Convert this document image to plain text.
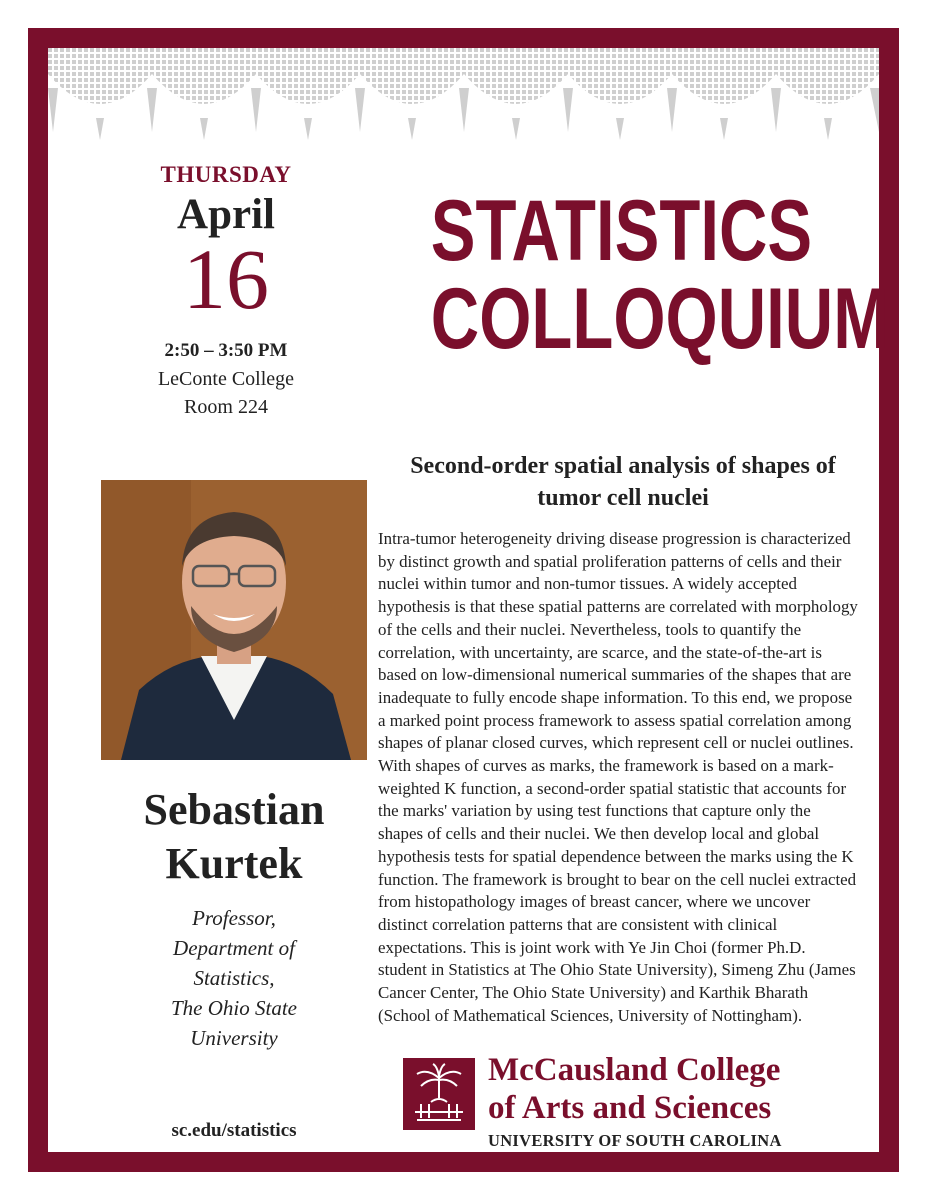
THURSDAY
April
16
2:50 – 3:50 PM
LeConte College
Room 224
STATISTICS
COLLOQUIUM
Second-order spatial analysis of shapes of tumor cell nuclei
Intra-tumor heterogeneity driving disease progression is characterized by distinct growth and spatial proliferation patterns of cells and their nuclei within tumor and non-tumor tissues. A widely accepted hypothesis is that these spatial patterns are correlated with morphology of the cells and their nuclei. Nevertheless, tools to quantify the correlation, with uncertainty, are scarce, and the state-of-the-art is based on low-dimensional numerical summaries of the shapes that are inadequate to fully encode shape information. To this end, we propose a marked point process framework to assess spatial correlation among shapes of planar closed curves, which represent cell or nuclei outlines. With shapes of curves as marks, the framework is based on a mark-weighted K function, a second-order spatial statistic that accounts for the marks' variation by using test functions that capture only the shapes of cells and their nuclei. We then develop local and global hypothesis tests for spatial dependence between the marks using the K function. The framework is brought to bear on the cell nuclei extracted from histopathology images of breast cancer, where we uncover distinct correlation patterns that are consistent with clinical expectations. This is joint work with Ye Jin Choi (former Ph.D. student in Statistics at The Ohio State University), Simeng Zhu (James Cancer Center, The Ohio State University) and Karthik Bharath (School of Mathematical Sciences, University of Nottingham).
Sebastian
Kurtek
Professor,
Department of
Statistics,
The Ohio State
University
sc.edu/statistics
McCausland College
of Arts and Sciences
UNIVERSITY OF SOUTH CAROLINA
